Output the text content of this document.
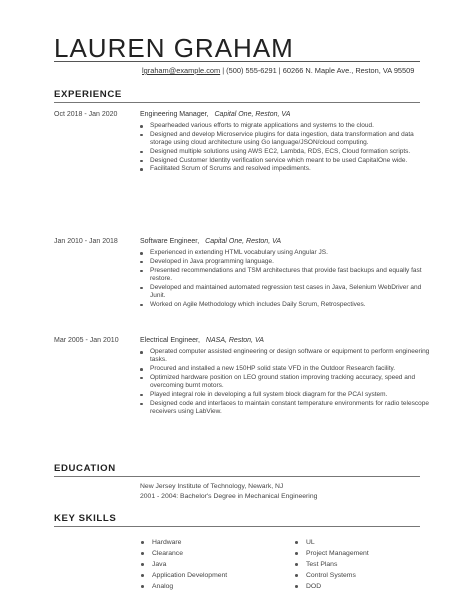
LAUREN GRAHAM
lgraham@example.com | (500) 555-6291 | 60266 N. Maple Ave., Reston, VA 95509
EXPERIENCE
Oct 2018 - Jan 2020	Engineering Manager, Capital One, Reston, VA
Spearheaded various efforts to migrate applications and systems to the cloud.
Designed and develop Microservice plugins for data ingestion, data transformation and data storage using cloud architecture using Go language/JSON/cloud computing.
Designed multiple solutions using AWS EC2, Lambda, RDS, ECS, Cloud formation scripts.
Designed Customer Identity verification service which meant to be used CapitalOne wide.
Facilitated Scrum of Scrums and resolved impediments.
Jan 2010 - Jan 2018	Software Engineer, Capital One, Reston, VA
Experienced in extending HTML vocabulary using Angular JS.
Developed in Java programming language.
Presented recommendations and TSM architectures that provide fast backups and equally fast restore.
Developed and maintained automated regression test cases in Java, Selenium WebDriver and Junit.
Worked on Agile Methodology which includes Daily Scrum, Retrospectives.
Mar 2005 - Jan 2010	Electrical Engineer, NASA, Reston, VA
Operated computer assisted engineering or design software or equipment to perform engineering tasks.
Procured and installed a new 150HP solid state VFD in the Outdoor Research facility.
Optimized hardware position on LEO ground station improving tracking accuracy, speed and overcoming burnt motors.
Played integral role in developing a full system block diagram for the PCAI system.
Designed code and interfaces to maintain constant temperature environments for radio telescope receivers using LabView.
EDUCATION
New Jersey Institute of Technology, Newark, NJ
2001 - 2004: Bachelor's Degree in Mechanical Engineering
KEY SKILLS
Hardware
Clearance
Java
Application Development
Analog
UL
Project Management
Test Plans
Control Systems
DOD
